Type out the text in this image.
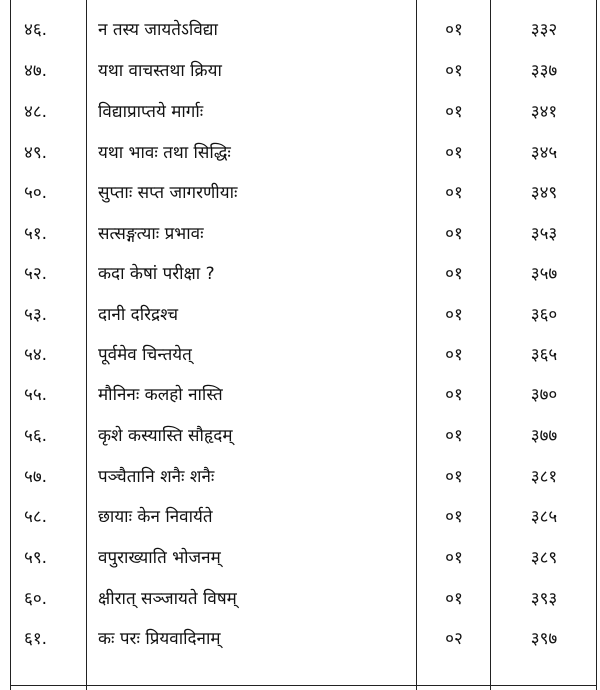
४६.	न तस्य जायतेऽविद्या	०१	३३२
४७.	यथा वाचस्तथा क्रिया	०१	३३७
४८.	विद्याप्राप्तये मार्गाः	०१	३४१
४९.	यथा भावः तथा सिद्धिः	०१	३४५
५०.	सुप्ताः सप्त जागरणीयाः	०१	३४९
५१.	सत्सङ्गत्याः प्रभावः	०१	३५३
५२.	कदा केषां परीक्षा ?	०१	३५७
५३.	दानी दरिद्रश्च	०१	३६०
५४.	पूर्वमेव चिन्तयेत्	०१	३६५
५५.	मौनिनः कलहो नास्ति	०१	३७०
५६.	कृशे कस्यास्ति सौहृदम्	०१	३७७
५७.	पञ्चैतानि शनैः शनैः	०१	३८१
५८.	छायाः केन निवार्यते	०१	३८५
५९.	वपुराख्याति भोजनम्	०१	३८९
६०.	क्षीरात् सञ्जायते विषम्	०१	३९३
६१.	कः परः प्रियवादिनाम्	०२	३९७
